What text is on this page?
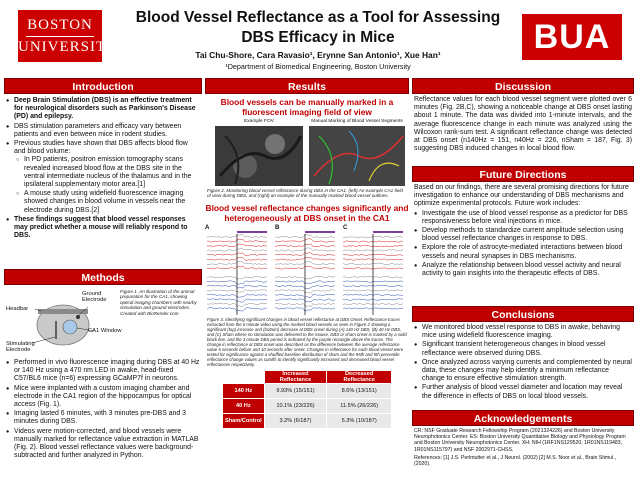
BOSTON
UNIVERSITY
Blood Vessel Reflectance as a Tool for Assessing DBS Efficacy in Mice
Tai Chu-Shore, Cara Ravasio¹, Erynne San Antonio¹, Xue Han¹
¹Department of Biomedical Engineering, Boston University
BUA
Introduction
● Deep Brain Stimulation (DBS) is an effective treatment for neurological disorders such as Parkinson's Disease (PD) and epilepsy.
● DBS stimulation parameters and efficacy vary between patients and even between mice in rodent studies.
● Previous studies have shown that DBS affects blood flow and blood volume:
○ In PD patients, positron emission tomography scans revealed increased blood flow at the DBS site in the ventral intermediate nucleus of the thalamus and in the ipsilateral supplementary motor area.[1]
○ A mouse study using widefield fluorescence imaging showed changes in blood volume in vessels near the electrode during DBS.[2]
● These findings suggest that blood vessel responses may predict whether a mouse will reliably respond to DBS.
Methods
Headbar
Ground Electrode
CA1 Window
Stimulating Electrode
Figure 1. An illustration of the animal preparation for the CA1, showing optical imaging chambers with nearby stimulation and ground electrodes. Created with BioRender.com
● Performed in vivo fluorescence imaging during DBS at 40 Hz or 140 Hz using a 470 nm LED in awake, head-fixed C57/BL6 mice (n=6) expressing GCaMP7f in neurons.
● Mice were implanted with a custom imaging chamber and electrode in the CA1 region of the hippocampus for optical access (Fig. 1).
● Imaging lasted 6 minutes, with 3 minutes pre-DBS and 3 minutes during DBS.
● Videos were motion-corrected, and blood vessels were manually marked for reflectance value extraction in MATLAB (Fig. 2). Blood vessel reflectance values were background-subtracted and further analyzed in Python.
Results
Blood vessels can be manually marked in a fluorescent imaging field of view
Example FOV	Manual Marking of Blood Vessel Segments
Figure 2. Monitoring blood vessel reflectance during DBS in the CA1. (left) An example CA1 field of view during DBS, and (right) an example of the manually marked blood vessel outlines.
Blood vessel reflectance changes significantly and heterogeneously at DBS onset in the CA1
A	B	C
Figure 3. Identifying significant changes in blood vessel reflectance at DBS Onset. Reflectance traces extracted from the 6 minute video using the marked blood vessels as seen in Figure 2 showing a significant (top) increase and (bottom) decrease at DBS onset during (A) 140 Hz DBS, (B) 40 Hz DBS, and (C) Sham where no stimulation was delivered to the mouse. DBS or sham onset is marked by a solid black line, and the 3 minute DBS period is indicated by the purple rectangle above the traces. The change in reflectance at DBS onset was described as the difference between the average reflectance value 5 seconds before and 10 seconds after onset. Changes in reflectance for each blood vessel were tested for significance against a shuffled baseline distribution of sham and the 95th and 5th percentile reflectance change values as cutoffs to identify significantly increased and decreased blood vessel reflectances respectively.
	Increased Reflectance	Decreased Reflectance
140 Hz	9.93% (15/151)	8.6% (13/151)
40 Hz	10.1% (23/226)	11.5% (26/226)
Sham/Control	3.2% (6/187)	5.3% (10/187)
Discussion
Reflectance values for each blood vessel segment were plotted over 6 minutes (Fig. 2B,C), showing a noticeable change at DBS onset lasting about 1 minute. The data was divided into 1-minute intervals, and the average fluorescence change in each minute was analyzed using the Wilcoxon rank-sum test. A significant reflectance change was detected at DBS onset (n140Hz = 151, n40Hz = 226, nSham = 187, Fig. 3) suggesting DBS induced changes in local blood flow.
Future Directions
Based on our findings, there are several promising directions for future investigation to enhance our understanding of DBS mechanisms and optimize experimental protocols. Future work includes:
● Investigate the use of blood vessel response as a predictor for DBS responsiveness before viral injections in mice.
● Develop methods to standardize current amplitude selection using blood vessel reflectance changes in response to DBS.
● Explore the role of astrocyte-mediated interactions between blood vessels and neural synapses in DBS mechanisms.
● Analyze the relationship between blood vessel activity and neural activity to gain insights into the therapeutic effects of DBS.
Conclusions
● We monitored blood vessel response to DBS in awake, behaving mice using widefield fluorescence imaging.
● Significant transient heterogeneous changes in blood vessel reflectance were observed during DBS.
● Once analyzed across varying currents and complemented by neural data, these changes may help identify a minimum reflectance change to ensure effective stimulation strength.
● Further analysis of blood vessel diameter and location may reveal the difference in effects of DBS on local blood vessels.
Acknowledgements
CR: NSF Graduate Research Fellowship Program (2021324226) and Boston University Neurophotonics Center. ES: Boston University Quantitative Biology and Physiology Program and Boston University Neurophotonics Center. XH: NIH (1RF1NS129520, 1R01NS119483, 1R01NS115797) and NSF 2002971-CHSS.
References: [1] J.S. Perlmutter et al., J Neurol. (2002) [2] M.S. Noor et al., Brain Stimul., (2020).
